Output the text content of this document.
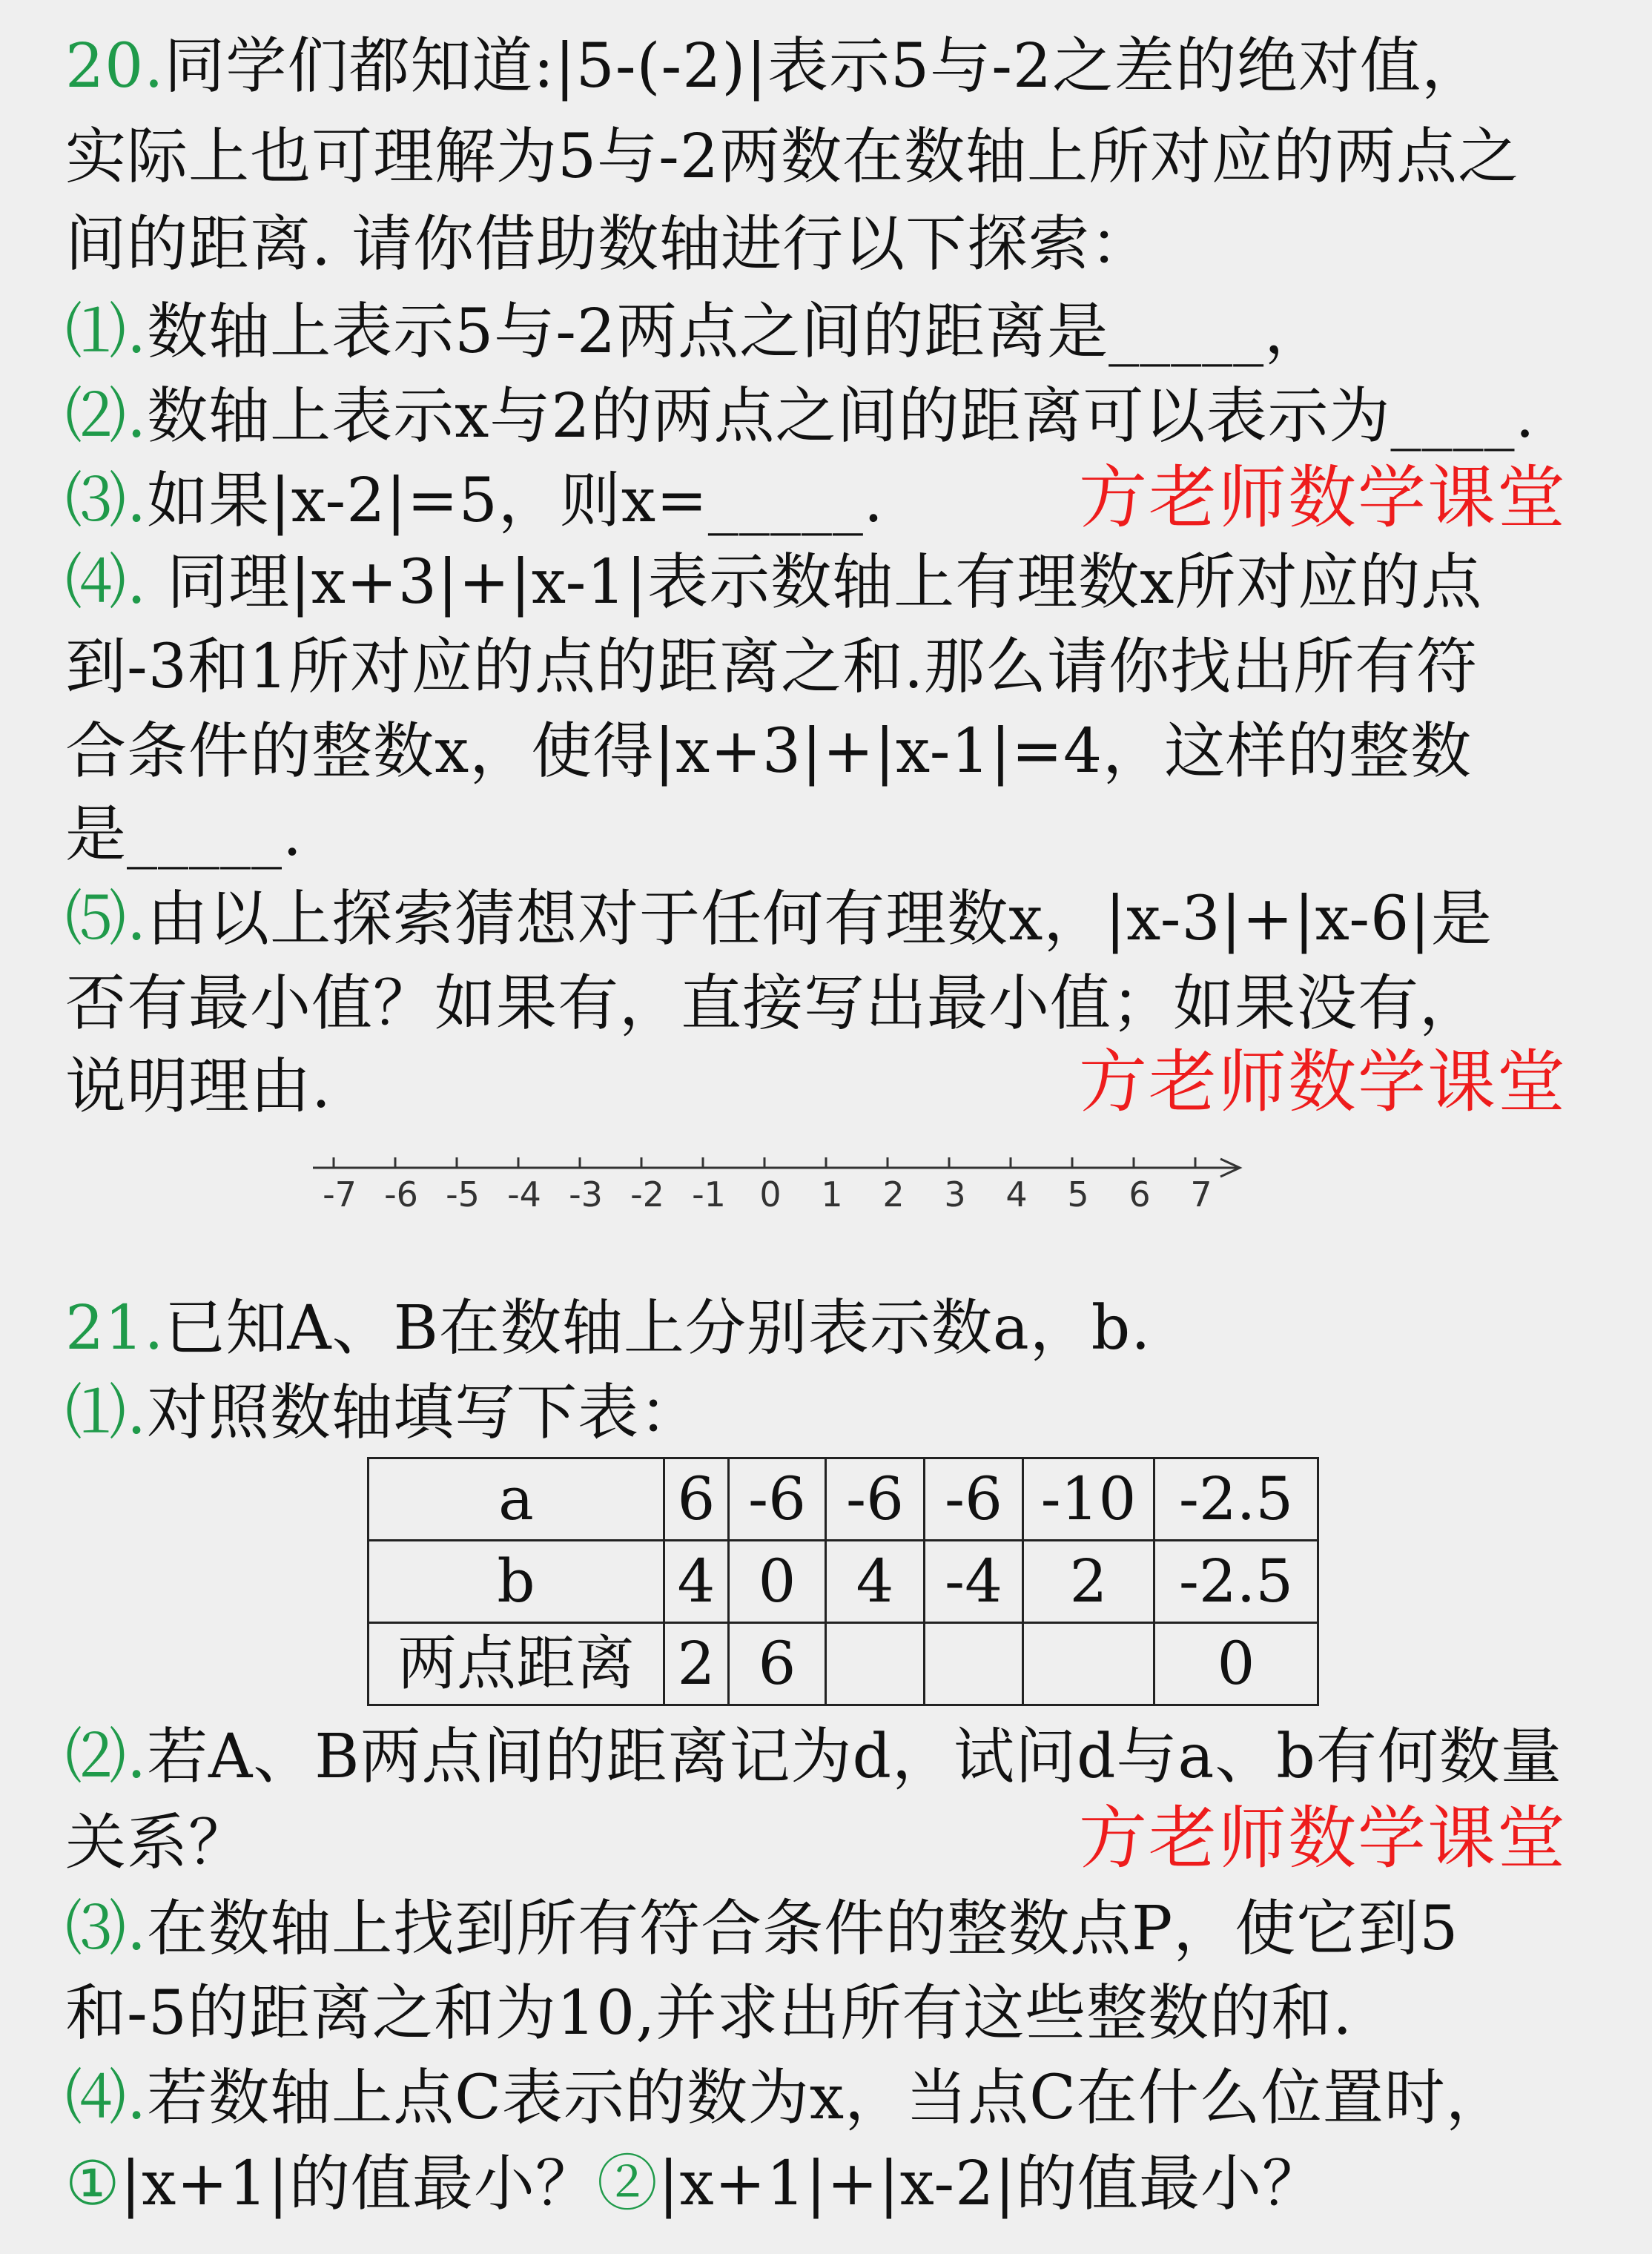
20.同学们都知道:|5-(-2)|表示5与-2之差的绝对值，
实际上也可理解为5与-2两数在数轴上所对应的两点之
间的距离. 请你借助数轴进行以下探索：
⑴.数轴上表示5与-2两点之间的距离是_____，
⑵.数轴上表示x与2的两点之间的距离可以表示为____.
⑶.如果|x-2|=5，则x=_____.	方老师数学课堂
⑷. 同理|x+3|+|x-1|表示数轴上有理数x所对应的点
到-3和1所对应的点的距离之和.那么请你找出所有符
合条件的整数x，使得|x+3|+|x-1|=4，这样的整数
是_____.
⑸.由以上探索猜想对于任何有理数x，|x-3|+|x-6|是
否有最小值？如果有，直接写出最小值；如果没有，
说明理由.	方老师数学课堂
-7 -6 -5 -4 -3 -2 -1 0 1 2 3 4 5 6 7
21.已知A、B在数轴上分别表示数a，b.
⑴.对照数轴填写下表：
a	6	-6	-6	-6	-10	-2.5
b	4	0	4	-4	2	-2.5
两点距离	2	6				0
⑵.若A、B两点间的距离记为d，试问d与a、b有何数量
关系？	方老师数学课堂
⑶.在数轴上找到所有符合条件的整数点P，使它到5
和-5的距离之和为10,并求出所有这些整数的和.
⑷.若数轴上点C表示的数为x，当点C在什么位置时，
①|x+1|的值最小？②|x+1|+|x-2|的值最小？
